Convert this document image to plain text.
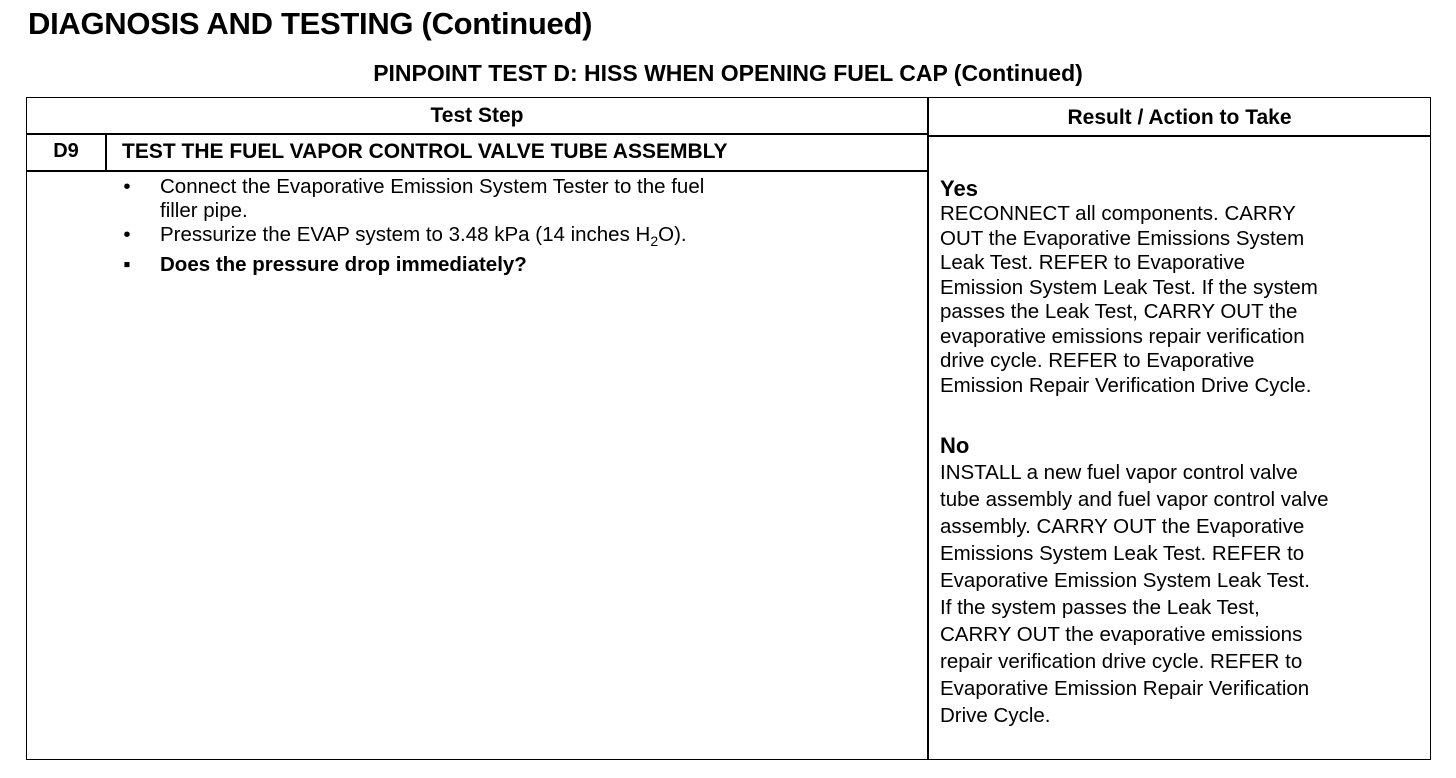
DIAGNOSIS AND TESTING (Continued)
PINPOINT TEST D: HISS WHEN OPENING FUEL CAP (Continued)
Test Step	Result / Action to Take
D9	TEST THE FUEL VAPOR CONTROL VALVE TUBE ASSEMBLY
• Connect the Evaporative Emission System Tester to the fuel
filler pipe.
• Pressurize the EVAP system to 3.48 kPa (14 inches $H_2O$).
▪ Does the pressure drop immediately?
Yes
RECONNECT all components. CARRY
OUT the Evaporative Emissions System
Leak Test. REFER to Evaporative
Emission System Leak Test. If the system
passes the Leak Test, CARRY OUT the
evaporative emissions repair verification
drive cycle. REFER to Evaporative
Emission Repair Verification Drive Cycle.
No
INSTALL a new fuel vapor control valve
tube assembly and fuel vapor control valve
assembly. CARRY OUT the Evaporative
Emissions System Leak Test. REFER to
Evaporative Emission System Leak Test.
If the system passes the Leak Test,
CARRY OUT the evaporative emissions
repair verification drive cycle. REFER to
Evaporative Emission Repair Verification
Drive Cycle.
